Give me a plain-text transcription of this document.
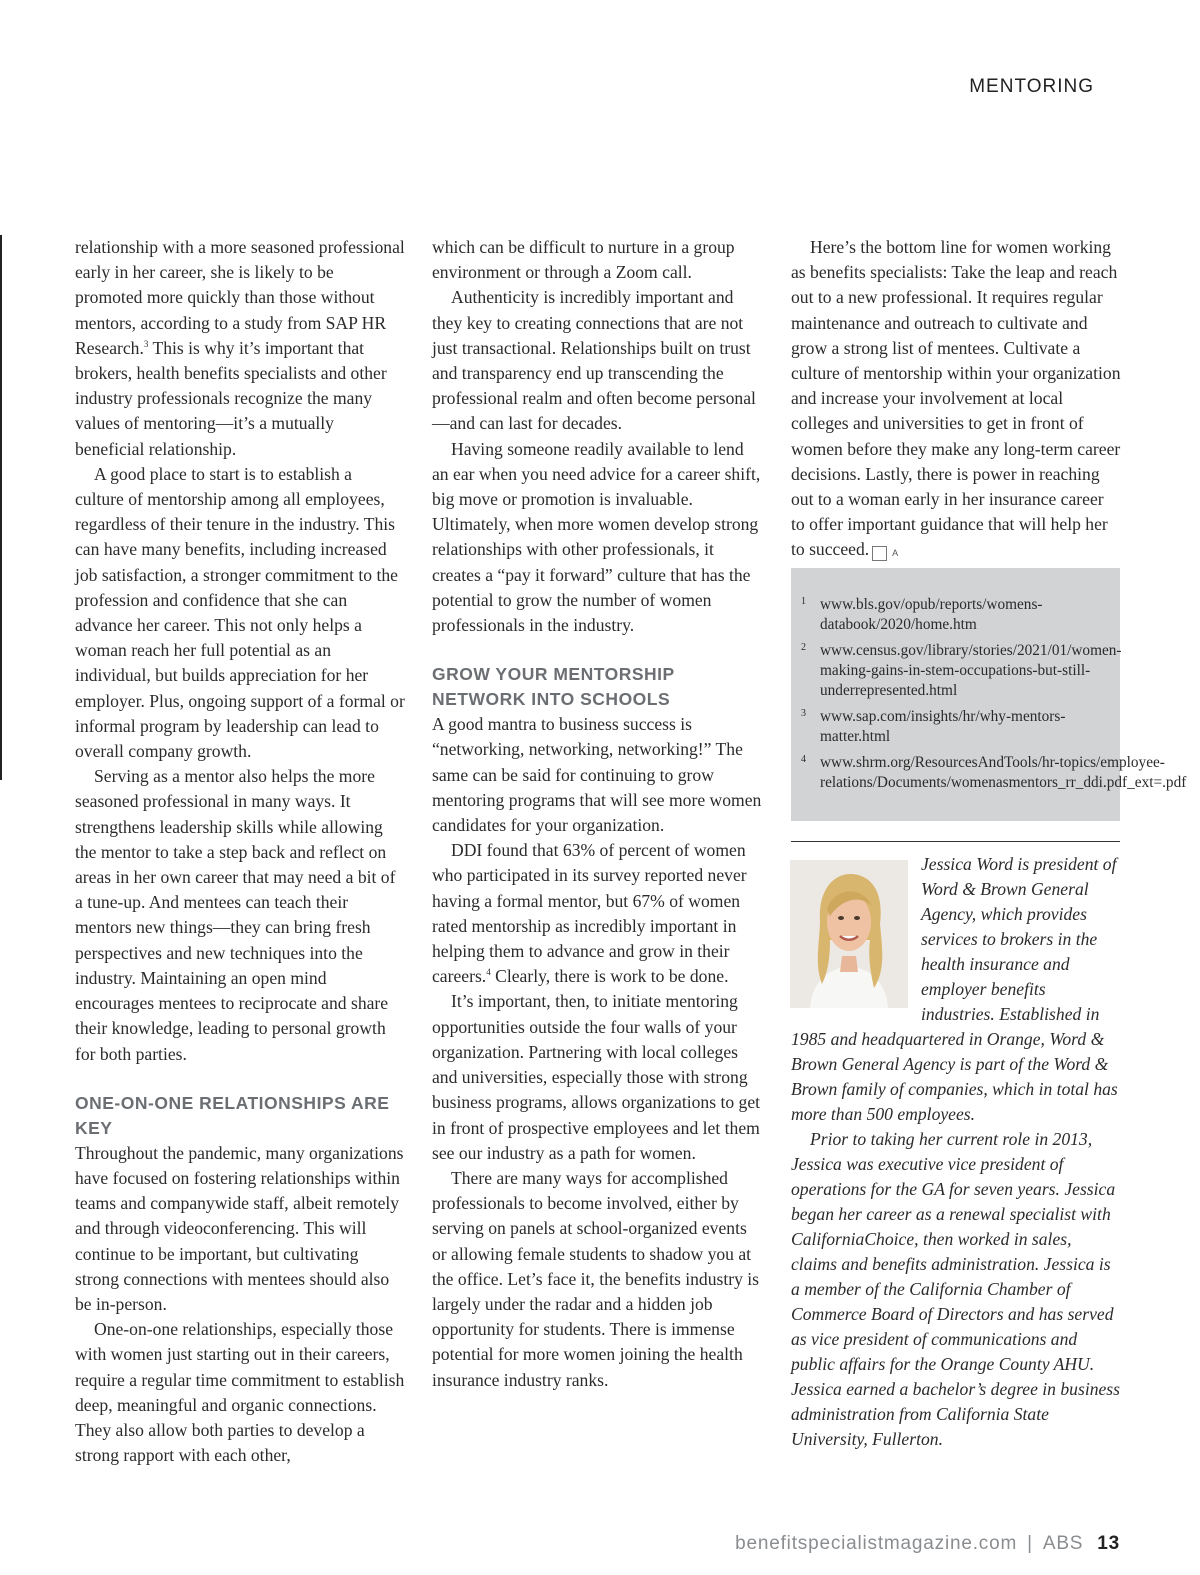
MENTORING

relationship with a more seasoned professional early in her career, she is likely to be promoted more quickly than those without mentors, according to a study from SAP HR Research.$^3$ This is why it’s important that brokers, health benefits specialists and other industry professionals recognize the many values of mentoring—it’s a mutually beneficial relationship.

A good place to start is to establish a culture of mentorship among all employees, regardless of their tenure in the industry. This can have many benefits, including increased job satisfaction, a stronger commitment to the profession and confidence that she can advance her career. This not only helps a woman reach her full potential as an individual, but builds appreciation for her employer. Plus, ongoing support of a formal or informal program by leadership can lead to overall company growth.

Serving as a mentor also helps the more seasoned professional in many ways. It strengthens leadership skills while allowing the mentor to take a step back and reflect on areas in her own career that may need a bit of a tune-up. And mentees can teach their mentors new things—they can bring fresh perspectives and new techniques into the industry. Maintaining an open mind encourages mentees to reciprocate and share their knowledge, leading to personal growth for both parties.

ONE-ON-ONE RELATIONSHIPS ARE KEY

Throughout the pandemic, many organizations have focused on fostering relationships within teams and companywide staff, albeit remotely and through videoconferencing. This will continue to be important, but cultivating strong connections with mentees should also be in-person.

One-on-one relationships, especially those with women just starting out in their careers, require a regular time commitment to establish deep, meaningful and organic connections. They also allow both parties to develop a strong rapport with each other,

which can be difficult to nurture in a group environment or through a Zoom call.

Authenticity is incredibly important and they key to creating connections that are not just transactional. Relationships built on trust and transparency end up transcending the professional realm and often become personal—and can last for decades.

Having someone readily available to lend an ear when you need advice for a career shift, big move or promotion is invaluable. Ultimately, when more women develop strong relationships with other professionals, it creates a “pay it forward” culture that has the potential to grow the number of women professionals in the industry.

GROW YOUR MENTORSHIP NETWORK INTO SCHOOLS

A good mantra to business success is “networking, networking, networking!” The same can be said for continuing to grow mentoring programs that will see more women candidates for your organization.

DDI found that 63% of percent of women who participated in its survey reported never having a formal mentor, but 67% of women rated mentorship as incredibly important in helping them to advance and grow in their careers.$^4$ Clearly, there is work to be done.

It’s important, then, to initiate mentoring opportunities outside the four walls of your organization. Partnering with local colleges and universities, especially those with strong business programs, allows organizations to get in front of prospective employees and let them see our industry as a path for women.

There are many ways for accomplished professionals to become involved, either by serving on panels at school-organized events or allowing female students to shadow you at the office. Let’s face it, the benefits industry is largely under the radar and a hidden job opportunity for students. There is immense potential for more women joining the health insurance industry ranks.

Here’s the bottom line for women working as benefits specialists: Take the leap and reach out to a new professional. It requires regular maintenance and outreach to cultivate and grow a strong list of mentees. Cultivate a culture of mentorship within your organization and increase your involvement at local colleges and universities to get in front of women before they make any long-term career decisions. Lastly, there is power in reaching out to a woman early in her insurance career to offer important guidance that will help her to succeed.	A

1 www.bls.gov/opub/reports/womens-databook/2020/home.htm
2 www.census.gov/library/stories/2021/01/women-making-gains-in-stem-occupations-but-still-underrepresented.html
3 www.sap.com/insights/hr/why-mentors-matter.html
4 www.shrm.org/ResourcesAndTools/hr-topics/employee-relations/Documents/womenasmentors_rr_ddi.pdf_ext=.pdf

Jessica Word is president of Word & Brown General Agency, which provides services to brokers in the health insurance and employer benefits industries. Established in 1985 and headquartered in Orange, Word & Brown General Agency is part of the Word & Brown family of companies, which in total has more than 500 employees.

Prior to taking her current role in 2013, Jessica was executive vice president of operations for the GA for seven years. Jessica began her career as a renewal specialist with CaliforniaChoice, then worked in sales, claims and benefits administration. Jessica is a member of the California Chamber of Commerce Board of Directors and has served as vice president of communications and public affairs for the Orange County AHU. Jessica earned a bachelor’s degree in business administration from California State University, Fullerton.

benefitspecialistmagazine.com | ABS 13
